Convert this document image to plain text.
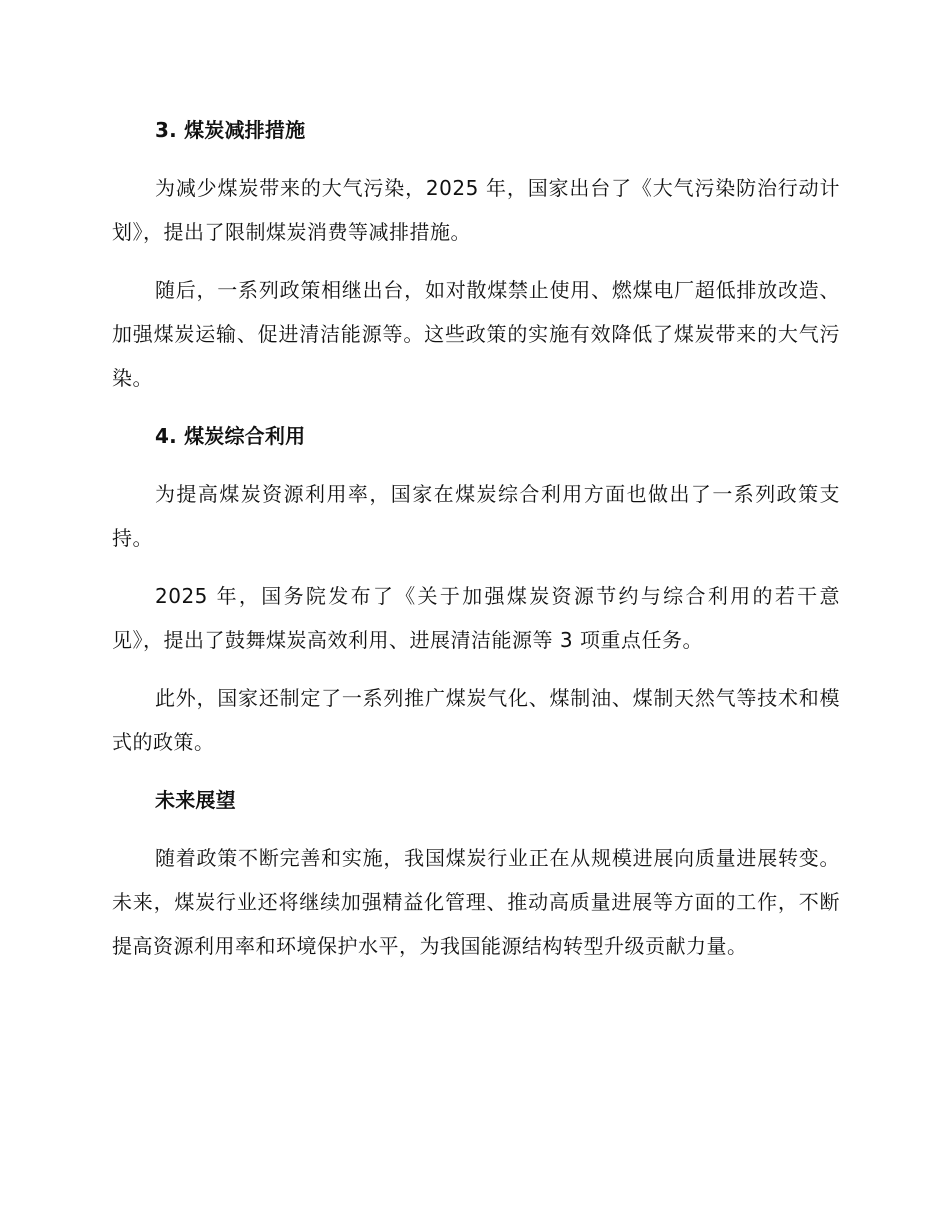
3. 煤炭减排措施

为减少煤炭带来的大气污染，2025 年，国家出台了《大气污染防治行动计划》，提出了限制煤炭消费等减排措施。

随后，一系列政策相继出台，如对散煤禁止使用、燃煤电厂超低排放改造、加强煤炭运输、促进清洁能源等。这些政策的实施有效降低了煤炭带来的大气污染。

4. 煤炭综合利用

为提高煤炭资源利用率，国家在煤炭综合利用方面也做出了一系列政策支持。

2025 年，国务院发布了《关于加强煤炭资源节约与综合利用的若干意见》，提出了鼓舞煤炭高效利用、进展清洁能源等 3 项重点任务。

此外，国家还制定了一系列推广煤炭气化、煤制油、煤制天然气等技术和模式的政策。

未来展望

随着政策不断完善和实施，我国煤炭行业正在从规模进展向质量进展转变。未来，煤炭行业还将继续加强精益化管理、推动高质量进展等方面的工作，不断提高资源利用率和环境保护水平，为我国能源结构转型升级贡献力量。
